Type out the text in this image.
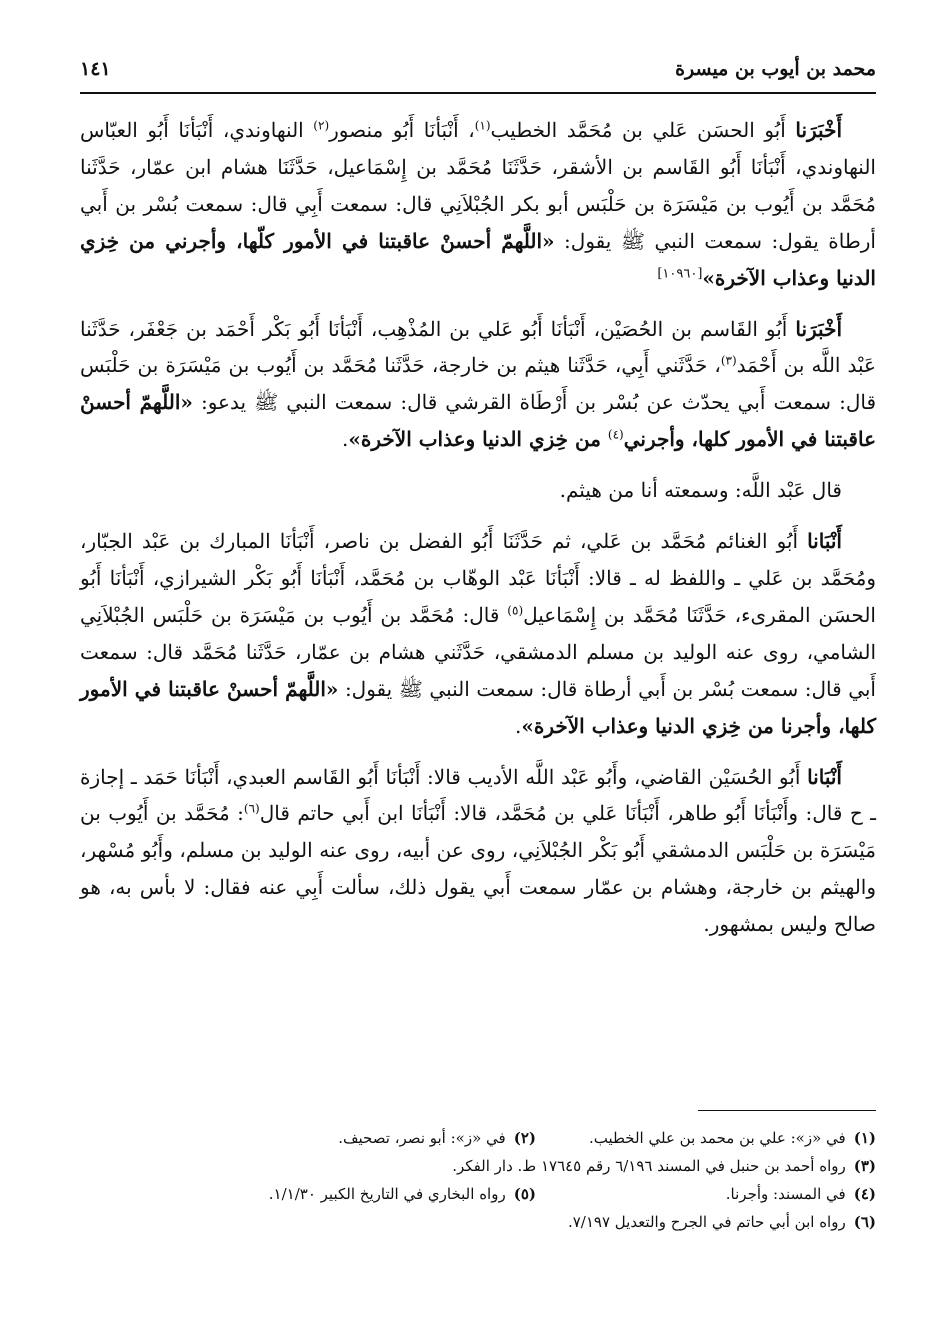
محمد بن أيوب بن ميسرة
١٤١

أَخْبَرَنا أَبُو الحسَن عَلي بن مُحَمَّد الخطيب$^{(١)}$، أَنْبَأنَا أَبُو منصور$^{(٢)}$ النهاوندي، أَنْبَأنَا أَبُو العبّاس النهاوندي، أَنْبَأنَا أَبُو القَاسم بن الأشقر، حَدَّثَنَا مُحَمَّد بن إِسْمَاعيل، حَدَّثَنَا هشام ابن عمّار، حَدَّثَنا مُحَمَّد بن أَيُوب بن مَيْسَرَة بن حَلْبَس أبو بكر الجُبْلاَنِي قال: سمعت أَبِي قال: سمعت بُسْر بن أَبي أرطاة يقول: سمعت النبي ﷺ يقول: «اللَّهمّ أحسنْ عاقبتنا في الأمور كلّها، وأجرني من خِزي الدنيا وعذاب الآخرة»[١٠٩٦٠]

أَخْبَرَنا أَبُو القَاسم بن الحُصَيْن، أَنْبَأنَا أَبُو عَلي بن المُذْهِب، أَنْبَأنَا أَبُو بَكْر أَحْمَد بن جَعْفَر، حَدَّثَنا عَبْد اللَّه بن أَحْمَد$^{(٣)}$، حَدَّثَني أَبِي، حَدَّثَنا هيثم بن خارجة، حَدَّثَنا مُحَمَّد بن أَيُوب بن مَيْسَرَة بن حَلْبَس قال: سمعت أَبي يحدّث عن بُسْر بن أَرْطَاة القرشي قال: سمعت النبي ﷺ يدعو: «اللَّهمّ أحسنْ عاقبتنا في الأمور كلها، وأجرني$^{(٤)}$ من خِزي الدنيا وعذاب الآخرة».

قال عَبْد اللَّه: وسمعته أنا من هيثم.

أَنْبَانا أَبُو الغنائم مُحَمَّد بن عَلي، ثم حَدَّثَنَا أَبُو الفضل بن ناصر، أَنْبَأنَا المبارك بن عَبْد الجبّار، ومُحَمَّد بن عَلي ـ واللفظ له ـ قالا: أَنْبَأنَا عَبْد الوهّاب بن مُحَمَّد، أَنْبَأنَا أَبُو بَكْر الشيرازي، أَنْبَأنَا أَبُو الحسَن المقرىء، حَدَّثَنَا مُحَمَّد بن إِسْمَاعيل$^{(٥)}$ قال: مُحَمَّد بن أَيُوب بن مَيْسَرَة بن حَلْبَس الجُبْلاَنِي الشامي، روى عنه الوليد بن مسلم الدمشقي، حَدَّثَني هشام بن عمّار، حَدَّثَنا مُحَمَّد قال: سمعت أَبي قال: سمعت بُسْر بن أَبي أرطاة قال: سمعت النبي ﷺ يقول: «اللَّهمّ أحسنْ عاقبتنا في الأمور كلها، وأجرنا من خِزي الدنيا وعذاب الآخرة».

أَنْبَانا أَبُو الحُسَيْن القاضي، وأَبُو عَبْد اللَّه الأديب قالا: أَنْبَأنَا أَبُو القَاسم العبدي، أَنْبَأنَا حَمَد ـ إجازة ـ ح قال: وأَنْبَأنَا أَبُو طاهر، أَنْبَأنَا عَلي بن مُحَمَّد، قالا: أَنْبَأنَا ابن أَبي حاتم قال$^{(٦)}$: مُحَمَّد بن أَيُوب بن مَيْسَرَة بن حَلْبَس الدمشقي أَبُو بَكْر الجُبْلاَنِي، روى عن أبيه، روى عنه الوليد بن مسلم، وأَبُو مُسْهر، والهيثم بن خارجة، وهشام بن عمّار سمعت أَبي يقول ذلك، سألت أَبِي عنه فقال: لا بأس به، هو صالح وليس بمشهور.

(١)
في «ز»: علي بن محمد بن علي الخطيب.
(٢)
في «ز»: أبو نصر، تصحيف.
(٣)
رواه أحمد بن حنبل في المسند ٦/١٩٦ رقم ١٧٦٤٥ ط. دار الفكر.
(٤)
في المسند: وأجرنا.
(٥)
رواه البخاري في التاريخ الكبير ١/١/٣٠.
(٦)
رواه ابن أبي حاتم في الجرح والتعديل ٧/١٩٧.
